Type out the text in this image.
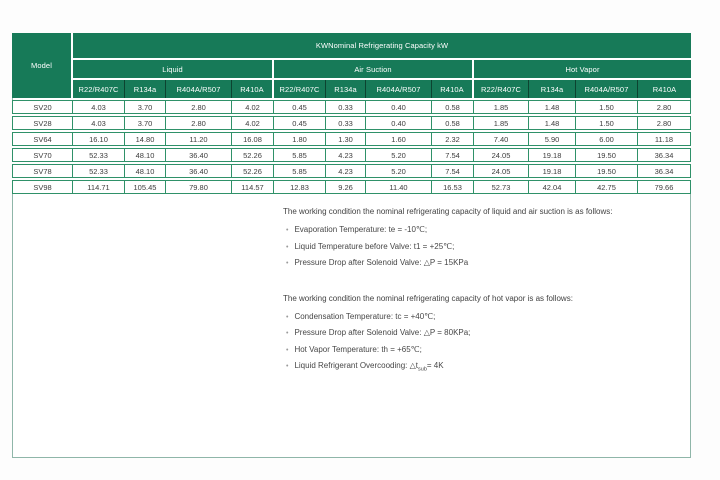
Model
KWNominal Refrigerating Capacity kW
Liquid	Air Suction	Hot Vapor
R22/R407C	R134a	R404A/R507	R410A	R22/R407C	R134a	R404A/R507	R410A	R22/R407C	R134a	R404A/R507	R410A
SV20	4.03	3.70	2.80	4.02	0.45	0.33	0.40	0.58	1.85	1.48	1.50	2.80
SV28	4.03	3.70	2.80	4.02	0.45	0.33	0.40	0.58	1.85	1.48	1.50	2.80
SV64	16.10	14.80	11.20	16.08	1.80	1.30	1.60	2.32	7.40	5.90	6.00	11.18
SV70	52.33	48.10	36.40	52.26	5.85	4.23	5.20	7.54	24.05	19.18	19.50	36.34
SV78	52.33	48.10	36.40	52.26	5.85	4.23	5.20	7.54	24.05	19.18	19.50	36.34
SV98	114.71	105.45	79.80	114.57	12.83	9.26	11.40	16.53	52.73	42.04	42.75	79.66
The working condition the nominal refrigerating capacity of liquid and air suction is as follows:
• Evaporation Temperature: te = -10℃;
• Liquid Temperature before Valve: t1 = +25℃;
• Pressure Drop after Solenoid Valve: △P = 15KPa
The working condition the nominal refrigerating capacity of hot vapor is as follows:
• Condensation Temperature: tc = +40℃;
• Pressure Drop after Solenoid Valve: △P = 80KPa;
• Hot Vapor Temperature: th = +65℃;
• Liquid Refrigerant Overcooding: $\triangle t_{sub}= 4K$
